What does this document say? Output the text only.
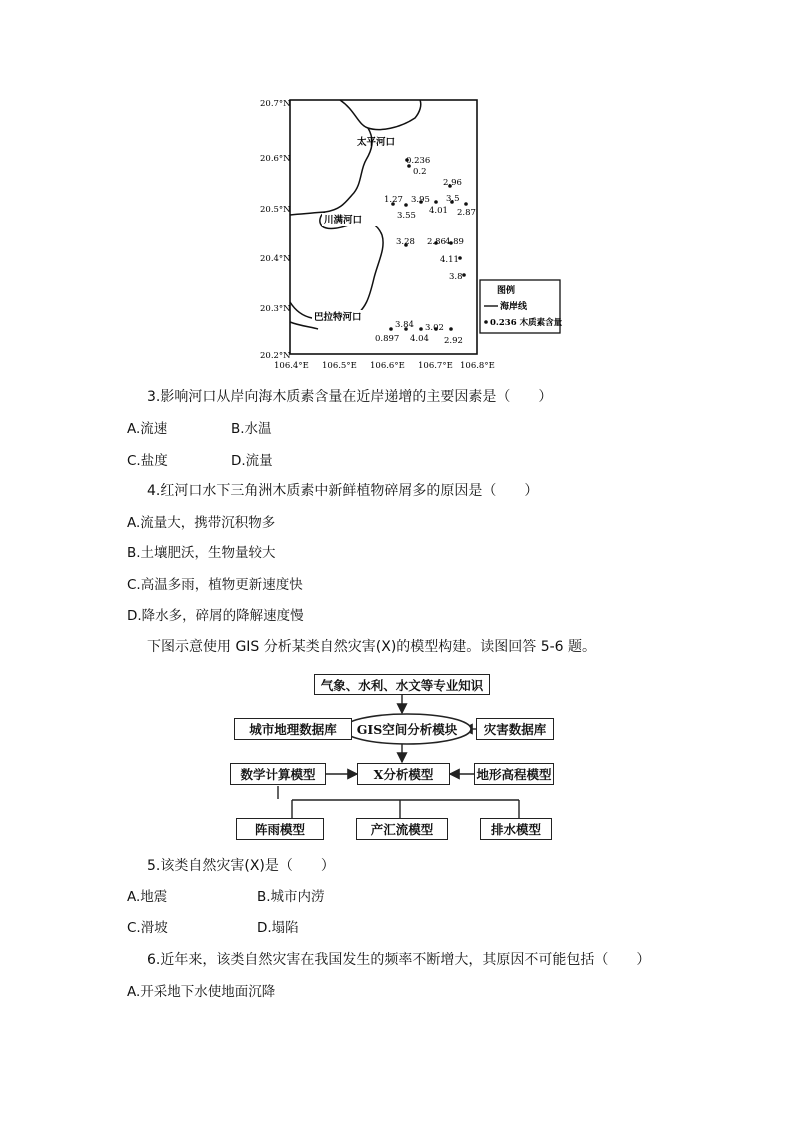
20.7°N
20.6°N
20.5°N
20.4°N
20.3°N
20.2°N
106.4°E 106.5°E 106.6°E 106.7°E 106.8°E
太平河口
川满河口
巴拉特河口
0.236
0.2
2.96
1.27 3.95 3.5
3.55 4.01 2.87
3.28 2.86 4.89
4.11
3.8
3.84 3.02
0.897 4.04 2.92
图例
海岸线
0.236 木质素含量
3.影响河口从岸向海木质素含量在近岸递增的主要因素是（　　）
A.流速	B.水温
C.盐度	D.流量
4.红河口水下三角洲木质素中新鲜植物碎屑多的原因是（　　）
A.流量大，携带沉积物多
B.土壤肥沃，生物量较大
C.高温多雨，植物更新速度快
D.降水多，碎屑的降解速度慢
下图示意使用 GIS 分析某类自然灾害(X)的模型构建。读图回答 5-6 题。
气象、水利、水文等专业知识
城市地理数据库 GIS空间分析模块 灾害数据库
数学计算模型	X分析模型	地形高程模型
阵雨模型	产汇流模型	排水模型
5.该类自然灾害(X)是（　　）
A.地震	B.城市内涝
C.滑坡	D.塌陷
6.近年来，该类自然灾害在我国发生的频率不断增大，其原因不可能包括（　　）
A.开采地下水使地面沉降
